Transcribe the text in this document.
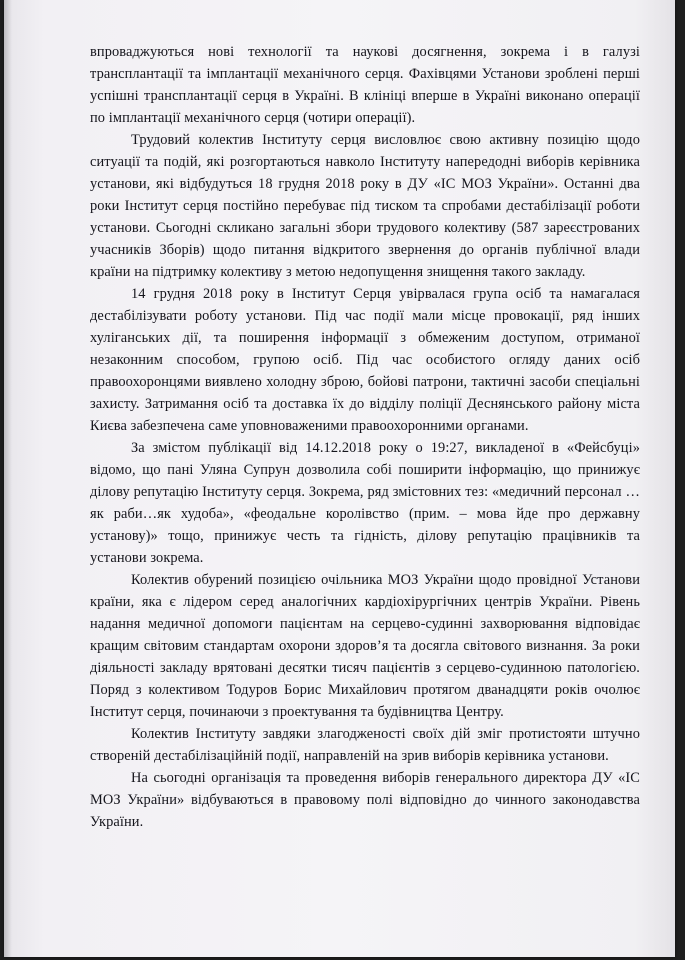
впроваджуються нові технології та наукові досягнення, зокрема і в галузі трансплантації та імплантації механічного серця. Фахівцями Установи зроблені перші успішні трансплантації серця в Україні. В клініці вперше в Україні виконано операції по імплантації механічного серця (чотири операції).

Трудовий колектив Інституту серця висловлює свою активну позицію щодо ситуації та подій, які розгортаються навколо Інституту напередодні виборів керівника установи, які відбудуться 18 грудня 2018 року в ДУ «ІС МОЗ України». Останні два роки Інститут серця постійно перебуває під тиском та спробами дестабілізації роботи установи. Сьогодні скликано загальні збори трудового колективу (587 зареєстрованих учасників Зборів) щодо питання відкритого звернення до органів публічної влади країни на підтримку колективу з метою недопущення знищення такого закладу.

14 грудня 2018 року в Інститут Серця увірвалася група осіб та намагалася дестабілізувати роботу установи. Під час події мали місце провокації, ряд інших хуліганських дії, та поширення інформації з обмеженим доступом, отриманої незаконним способом, групою осіб. Під час особистого огляду даних осіб правоохоронцями виявлено холодну зброю, бойові патрони, тактичні засоби спеціальні захисту. Затримання осіб та доставка їх до відділу поліції Деснянського району міста Києва забезпечена саме уповноваженими правоохоронними органами.

За змістом публікації від 14.12.2018 року о 19:27, викладеної в «Фейсбуці» відомо, що пані Уляна Супрун дозволила собі поширити інформацію, що принижує ділову репутацію Інституту серця. Зокрема, ряд змістовних тез: «медичний персонал …як раби…як худоба», «феодальне королівство (прим. – мова йде про державну установу)» тощо, принижує честь та гідність, ділову репутацію працівників та установи зокрема.

Колектив обурений позицією очільника МОЗ України щодо провідної Установи країни, яка є лідером серед аналогічних кардіохірургічних центрів України. Рівень надання медичної допомоги пацієнтам на серцево-судинні захворювання відповідає кращим світовим стандартам охорони здоров’я та досягла світового визнання. За роки діяльності закладу врятовані десятки тисяч пацієнтів з серцево-судинною патологією. Поряд з колективом Тодуров Борис Михайлович протягом дванадцяти років очолює Інститут серця, починаючи з проектування та будівництва Центру.

Колектив Інституту завдяки злагодженості своїх дій зміг протистояти штучно створеній дестабілізаційній події, направленій на зрив виборів керівника установи.

На сьогодні організація та проведення виборів генерального директора ДУ «ІС МОЗ України» відбуваються в правовому полі відповідно до чинного законодавства України.
